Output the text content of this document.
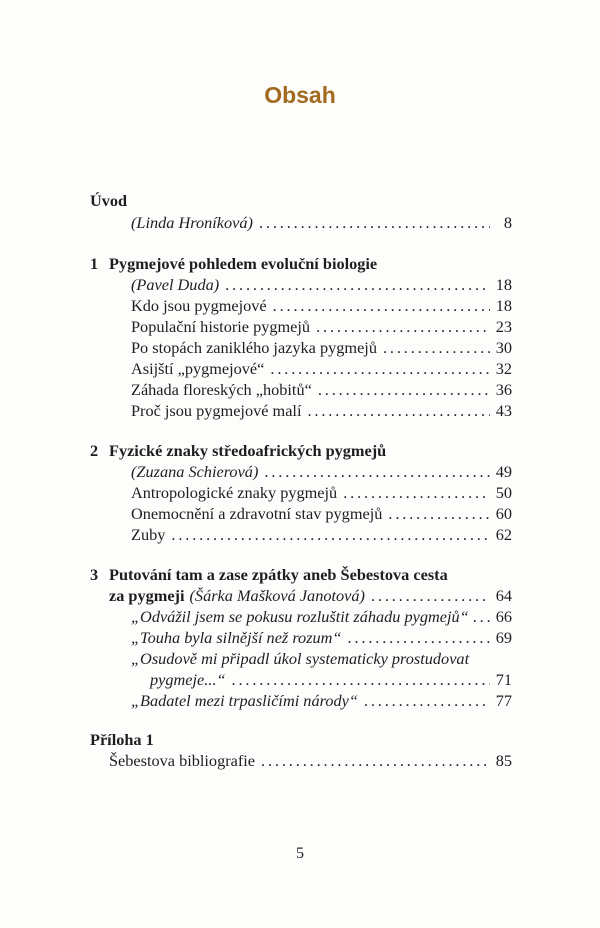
Obsah
Úvod
(Linda Hroníková) . . .	8
1 Pygmejové pohledem evoluční biologie
(Pavel Duda) . . .	18
Kdo jsou pygmejové . . .	18
Populační historie pygmejů . . .	23
Po stopách zaniklého jazyka pygmejů . . .	30
Asijští „pygmejové“ . . .	32
Záhada floreských „hobitů“ . . .	36
Proč jsou pygmejové malí . . .	43
2 Fyzické znaky středoafrických pygmejů
(Zuzana Schierová) . . .	49
Antropologické znaky pygmejů . . .	50
Onemocnění a zdravotní stav pygmejů . . .	60
Zuby . . .	62
3 Putování tam a zase zpátky aneb Šebestova cesta
za pygmeji (Šárka Mašková Janotová) . . .	64
„Odvážil jsem se pokusu rozluštit záhadu pygmejů“ . . . 66
„Touha byla silnější než rozum“ . . .	69
„Osudově mi připadl úkol systematicky prostudovat
pygmeje...“ . . .	71
„Badatel mezi trpasličími národy“ . . .	77
Příloha 1
Šebestova bibliografie . . .	85
5
